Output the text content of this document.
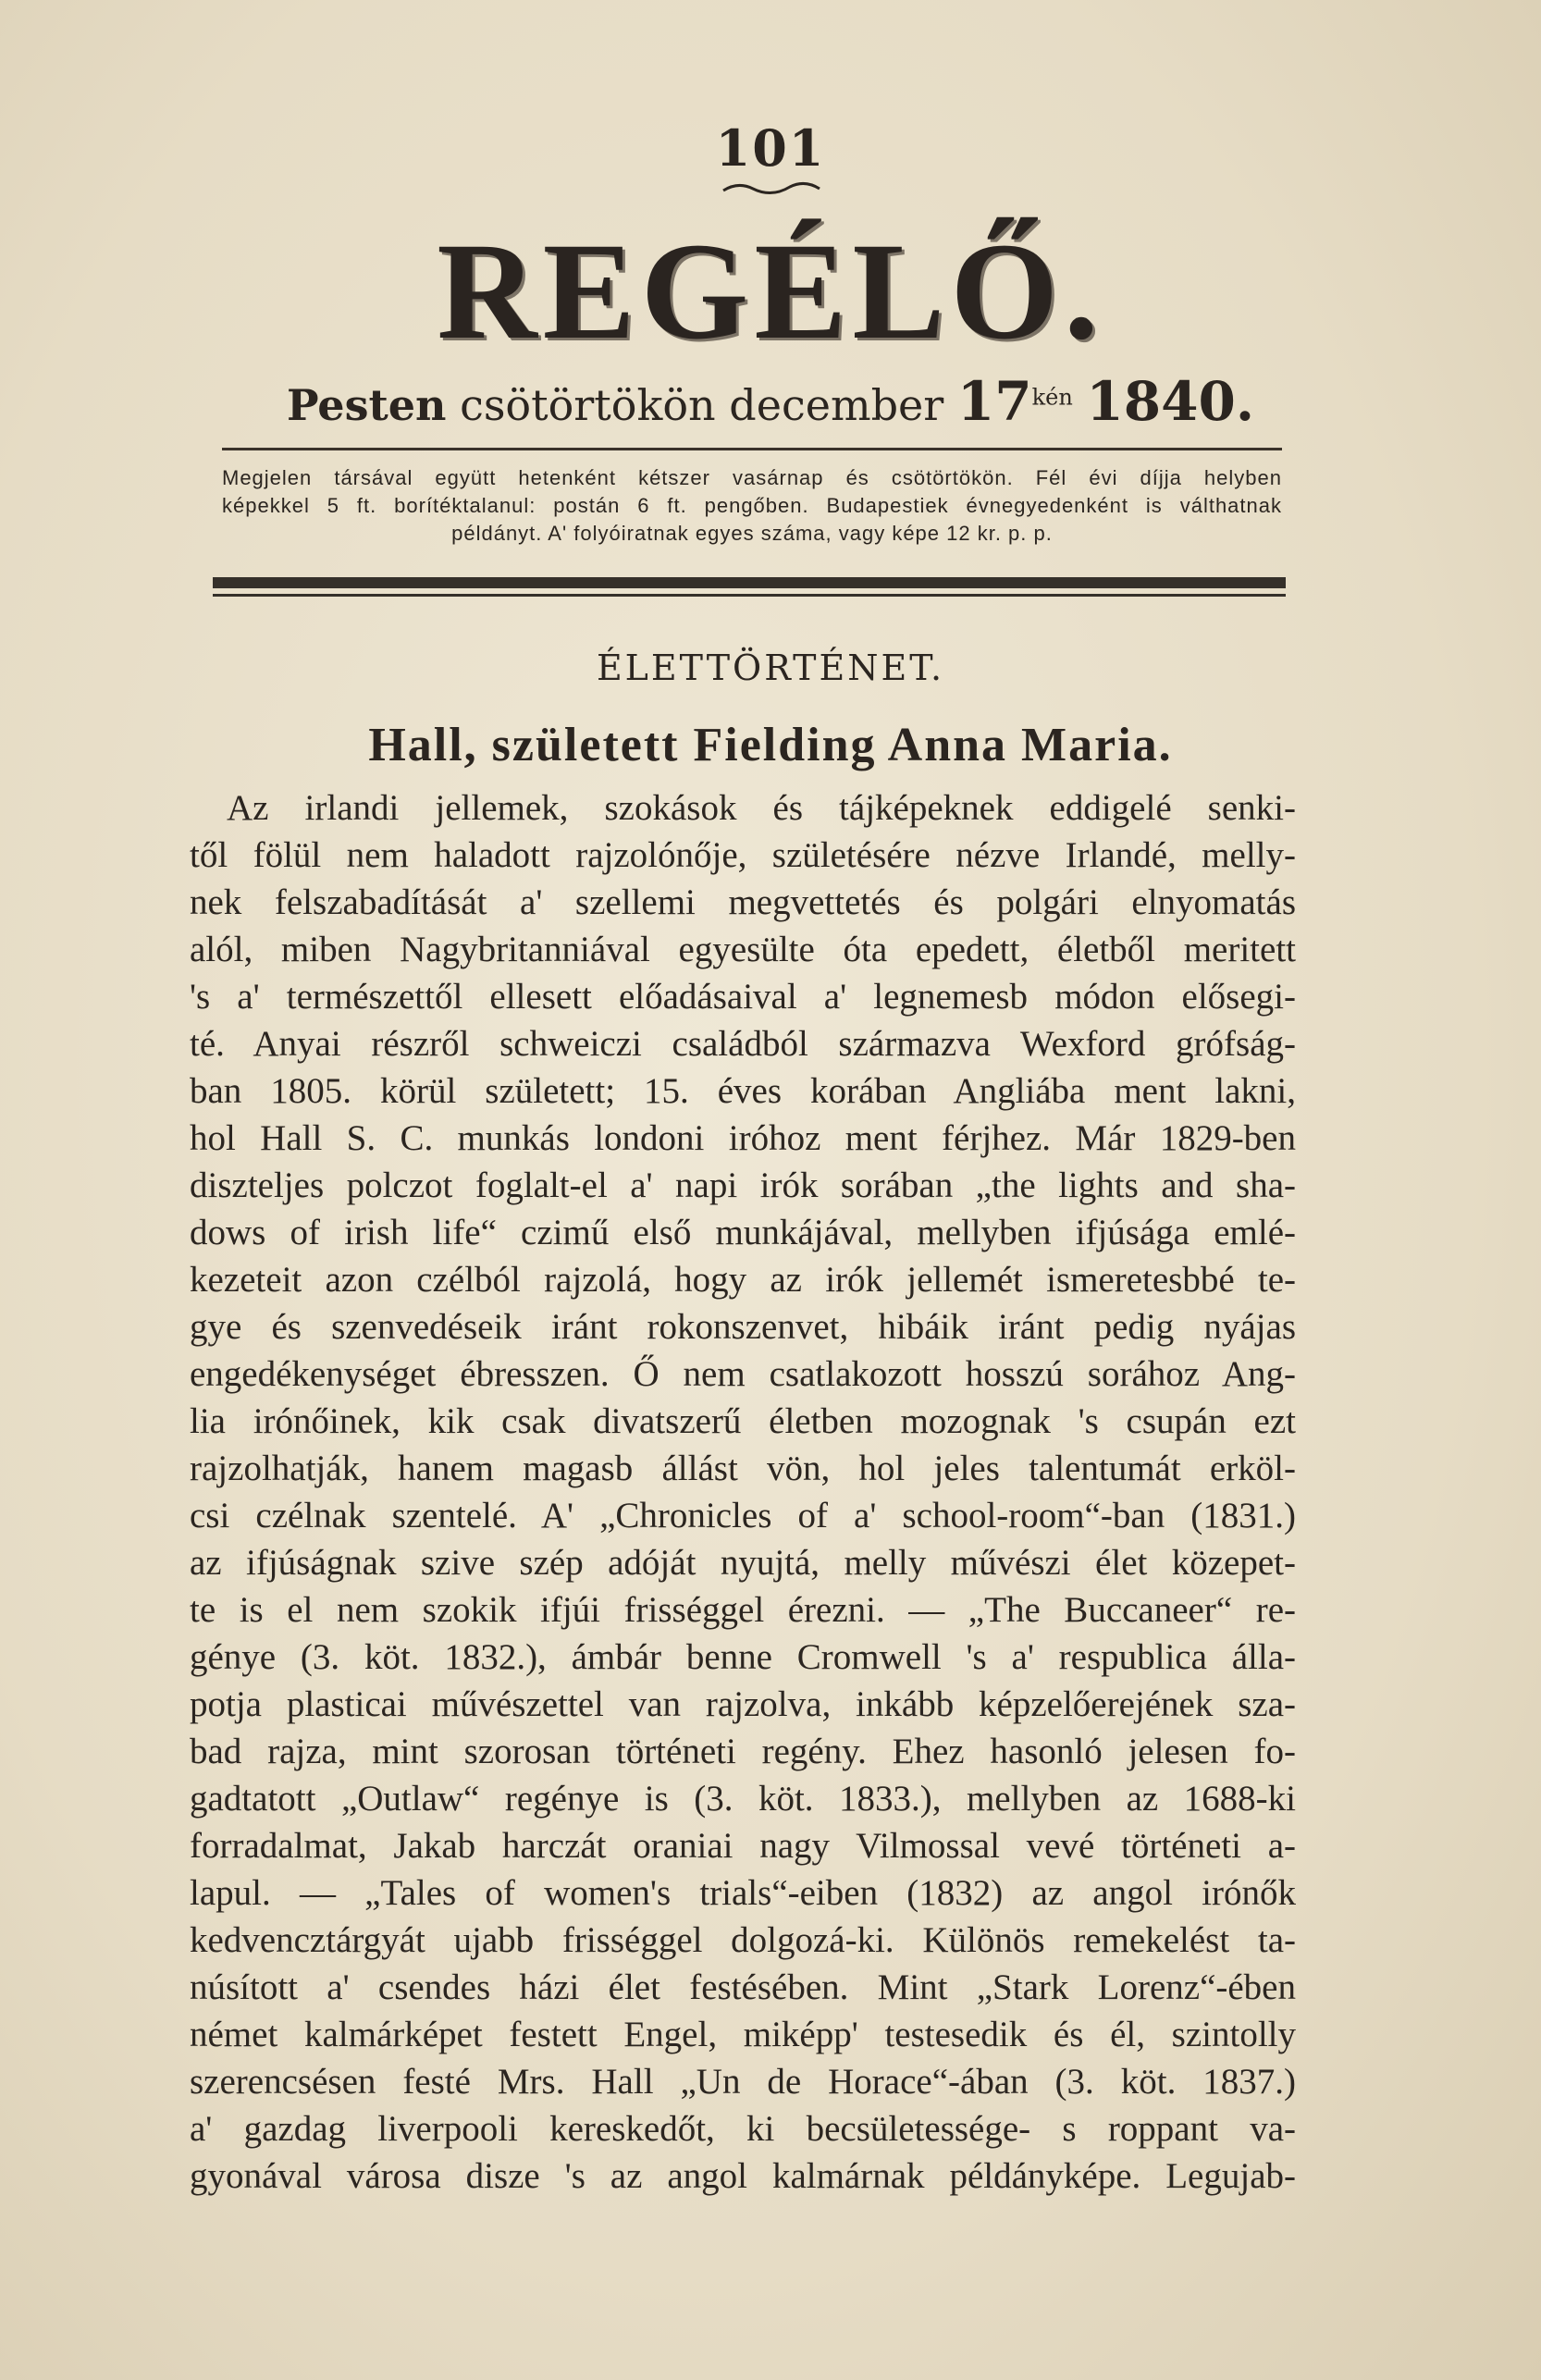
101
REGÉLŐ.
Pesten csötörtökön december $17^{kén}$ 1840.
Megjelen társával együtt hetenként kétszer vasárnap és csötörtökön. Fél évi díjja helyben
képekkel 5 ft. borítéktalanul: postán 6 ft. pengőben. Budapestiek évnegyedenként is válthatnak
példányt. A' folyóiratnak egyes száma, vagy képe 12 kr. p. p.
ÉLETTÖRTÉNET.
Hall, született Fielding Anna Maria.
Az irlandi jellemek, szokások és tájképeknek eddigelé senki-
től fölül nem haladott rajzolónője, születésére nézve Irlandé, melly-
nek felszabadítását a' szellemi megvettetés és polgári elnyomatás
alól, miben Nagybritanniával egyesülte óta epedett, életből meritett
's a' természettől ellesett előadásaival a' legnemesb módon elősegi-
té. Anyai részről schweiczi családból származva Wexford grófság-
ban 1805. körül született; 15. éves korában Angliába ment lakni,
hol Hall S. C. munkás londoni iróhoz ment férjhez. Már 1829-ben
diszteljes polczot foglalt-el a' napi irók sorában „the lights and sha-
dows of irish life“ czimű első munkájával, mellyben ifjúsága emlé-
kezeteit azon czélból rajzolá, hogy az irók jellemét ismeretesbbé te-
gye és szenvedéseik iránt rokonszenvet, hibáik iránt pedig nyájas
engedékenységet ébresszen. Ő nem csatlakozott hosszú sorához Ang-
lia irónőinek, kik csak divatszerű életben mozognak 's csupán ezt
rajzolhatják, hanem magasb állást vön, hol jeles talentumát erköl-
csi czélnak szentelé. A' „Chronicles of a' school-room“-ban (1831.)
az ifjúságnak szive szép adóját nyujtá, melly művészi élet közepet-
te is el nem szokik ifjúi frisséggel érezni. — „The Buccaneer“ re-
génye (3. köt. 1832.), ámbár benne Cromwell 's a' respublica álla-
potja plasticai művészettel van rajzolva, inkább képzelőerejének sza-
bad rajza, mint szorosan történeti regény. Ehez hasonló jelesen fo-
gadtatott „Outlaw“ regénye is (3. köt. 1833.), mellyben az 1688-ki
forradalmat, Jakab harczát oraniai nagy Vilmossal vevé történeti a-
lapul. — „Tales of women's trials“-eiben (1832) az angol irónők
kedvencztárgyát ujabb frisséggel dolgozá-ki. Különös remekelést ta-
núsított a' csendes házi élet festésében. Mint „Stark Lorenz“-ében
német kalmárképet festett Engel, miképp' testesedik és él, szintolly
szerencsésen festé Mrs. Hall „Un de Horace“-ában (3. köt. 1837.)
a' gazdag liverpooli kereskedőt, ki becsületessége- s roppant va-
gyonával városa disze 's az angol kalmárnak példányképe. Legujab-
